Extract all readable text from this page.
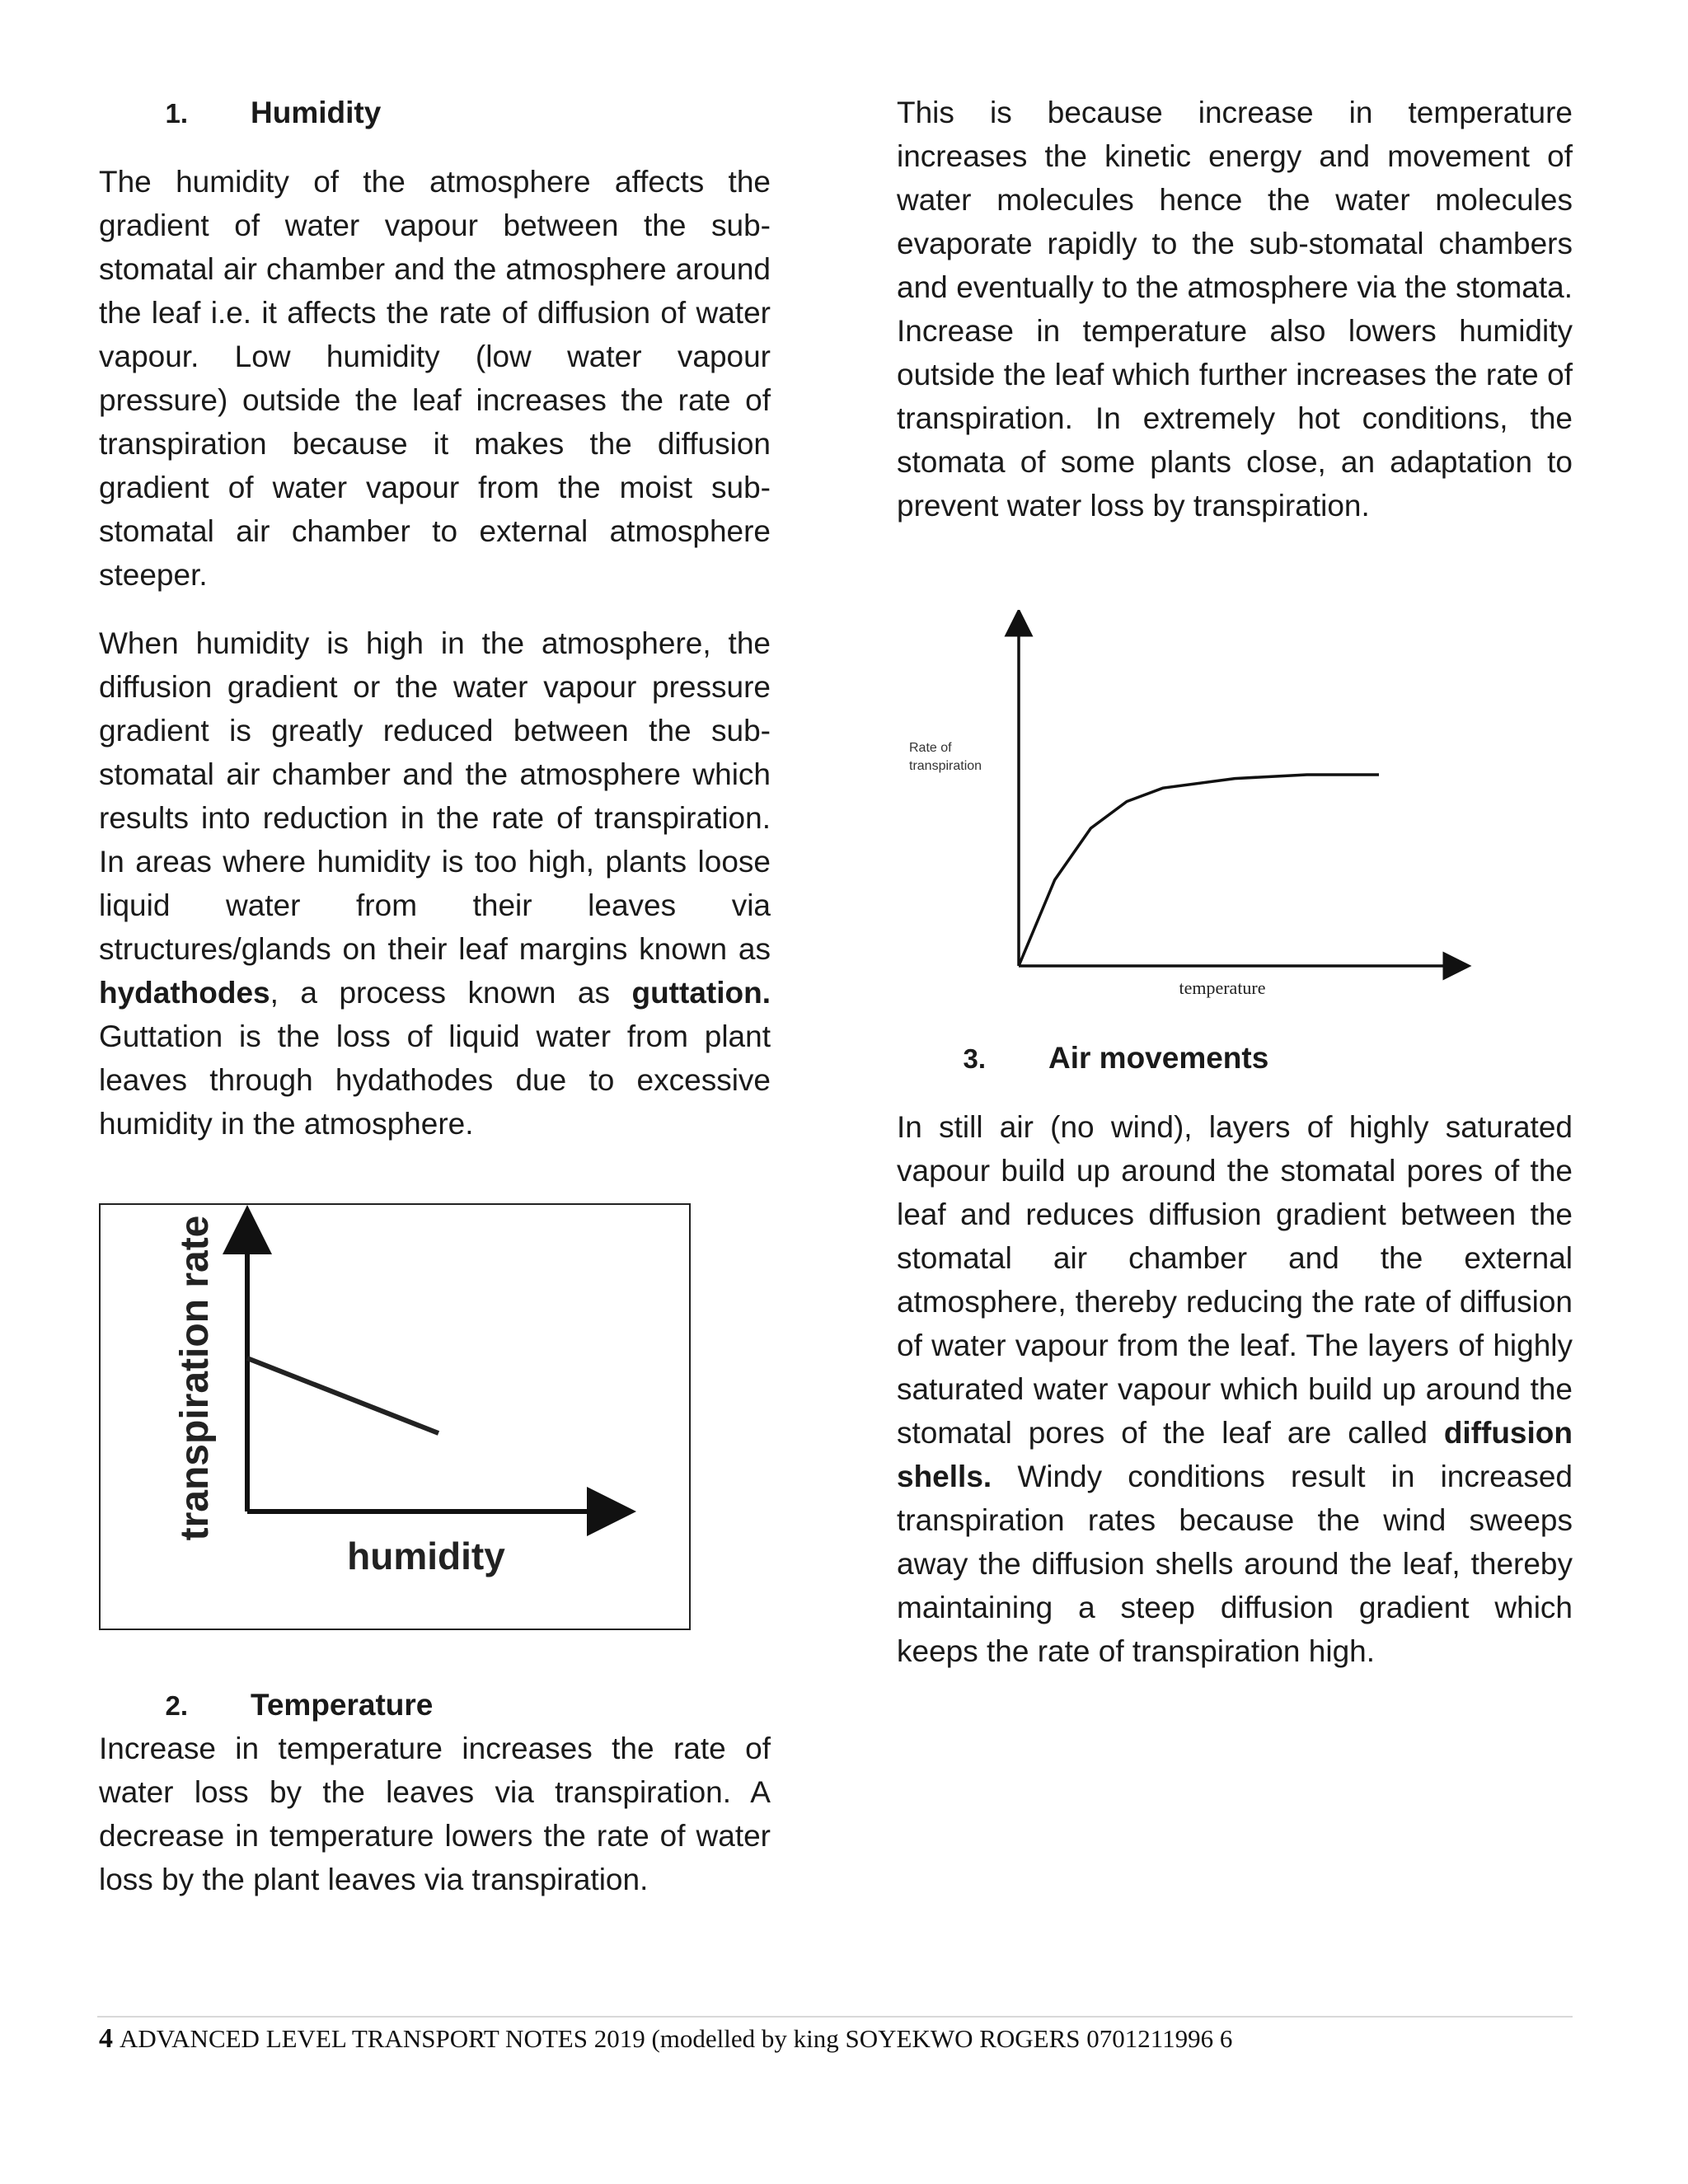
1. Humidity

The humidity of the atmosphere affects the gradient of water vapour between the sub-stomatal air chamber and the atmosphere around the leaf i.e. it affects the rate of diffusion of water vapour. Low humidity (low water vapour pressure) outside the leaf increases the rate of transpiration because it makes the diffusion gradient of water vapour from the moist sub-stomatal air chamber to external atmosphere steeper.

When humidity is high in the atmosphere, the diffusion gradient or the water vapour pressure gradient is greatly reduced between the sub-stomatal air chamber and the atmosphere which results into reduction in the rate of transpiration. In areas where humidity is too high, plants loose liquid water from their leaves via structures/glands on their leaf margins known as hydathodes, a process known as guttation. Guttation is the loss of liquid water from plant leaves through hydathodes due to excessive humidity in the atmosphere.

transpiration rate
humidity
2. Temperature

Increase in temperature increases the rate of water loss by the leaves via transpiration. A decrease in temperature lowers the rate of water loss by the plant leaves via transpiration.

This is because increase in temperature increases the kinetic energy and movement of water molecules hence the water molecules evaporate rapidly to the sub-stomatal chambers and eventually to the atmosphere via the stomata. Increase in temperature also lowers humidity outside the leaf which further increases the rate of transpiration. In extremely hot conditions, the stomata of some plants close, an adaptation to prevent water loss by transpiration.

Rate of
transpiration
temperature
3. Air movements

In still air (no wind), layers of highly saturated vapour build up around the stomatal pores of the leaf and reduces diffusion gradient between the stomatal air chamber and the external atmosphere, thereby reducing the rate of diffusion of water vapour from the leaf. The layers of highly saturated water vapour which build up around the stomatal pores of the leaf are called diffusion shells. Windy conditions result in increased transpiration rates because the wind sweeps away the diffusion shells around the leaf, thereby maintaining a steep diffusion gradient which keeps the rate of transpiration high.

4 ADVANCED LEVEL TRANSPORT NOTES 2019 (modelled by king SOYEKWO ROGERS 0701211996 6
